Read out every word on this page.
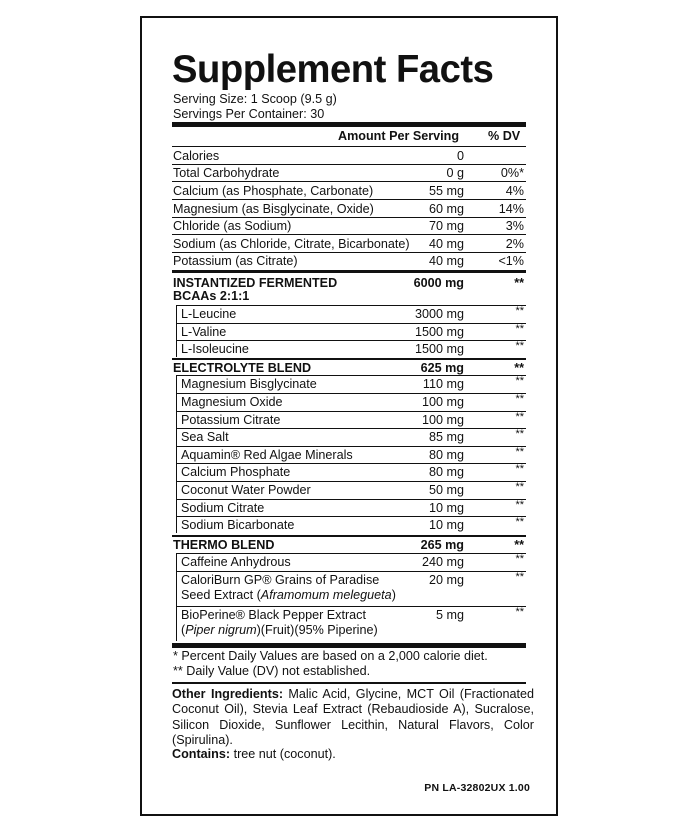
Supplement Facts
Serving Size: 1 Scoop (9.5 g)
Servings Per Container: 30
Amount Per Serving % DV
Calories	0
Total Carbohydrate	0 g	0%*
Calcium (as Phosphate, Carbonate)	55 mg	4%
Magnesium (as Bisglycinate, Oxide)	60 mg	14%
Chloride (as Sodium)	70 mg	3%
Sodium (as Chloride, Citrate, Bicarbonate)	40 mg	2%
Potassium (as Citrate)	40 mg	<1%
INSTANTIZED FERMENTED
BCAAs 2:1:1
6000 mg	**
L-Leucine	3000 mg	**
L-Valine	1500 mg	**
L-Isoleucine	1500 mg	**
ELECTROLYTE BLEND	625 mg	**
Magnesium Bisglycinate	110 mg	**
Magnesium Oxide	100 mg	**
Potassium Citrate	100 mg	**
Sea Salt	85 mg	**
Aquamin® Red Algae Minerals	80 mg	**
Calcium Phosphate	80 mg	**
Coconut Water Powder	50 mg	**
Sodium Citrate	10 mg	**
Sodium Bicarbonate	10 mg	**
THERMO BLEND	265 mg	**
Caffeine Anhydrous	240 mg	**
CaloriBurn GP® Grains of Paradise
Seed Extract (Aframomum melegueta)
20 mg	**
BioPerine® Black Pepper Extract
(Piper nigrum)(Fruit)(95% Piperine)
5 mg	**
* Percent Daily Values are based on a 2,000 calorie diet.
** Daily Value (DV) not established.
Other Ingredients: Malic Acid, Glycine, MCT Oil (Fractionated Coconut Oil), Stevia Leaf Extract (Rebaudioside A), Sucralose, Silicon Dioxide, Sunflower Lecithin, Natural Flavors, Color (Spirulina).
Contains: tree nut (coconut).
PN LA-32802UX 1.00
